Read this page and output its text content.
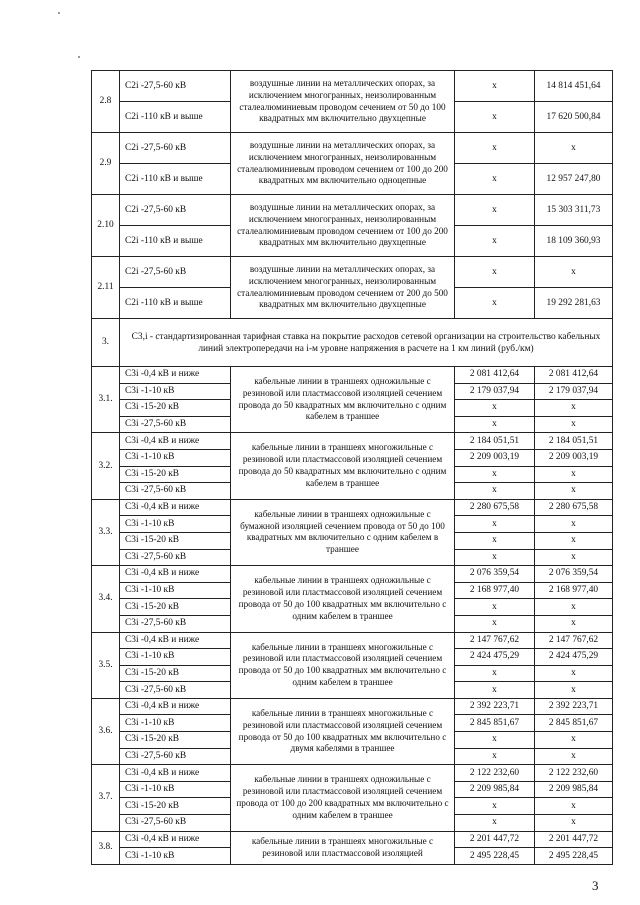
2.8	C2i -27,5-60 кВ	воздушные линии на металлических опорах, за исключением многогранных, неизолированным сталеалюминиевым проводом сечением от 50 до 100 квадратных мм включительно двухцепные	x	14 814 451,64
	C2i -110 кВ и выше		x	17 620 500,84
2.9	C2i -27,5-60 кВ	воздушные линии на металлических опорах, за исключением многогранных, неизолированным сталеалюминиевым проводом сечением от 100 до 200 квадратных мм включительно одноцепные	x	x
	C2i -110 кВ и выше		x	12 957 247,80
2.10	C2i -27,5-60 кВ	воздушные линии на металлических опорах, за исключением многогранных, неизолированным сталеалюминиевым проводом сечением от 100 до 200 квадратных мм включительно двухцепные	x	15 303 311,73
	C2i -110 кВ и выше		x	18 109 360,93
2.11	C2i -27,5-60 кВ	воздушные линии на металлических опорах, за исключением многогранных, неизолированным сталеалюминиевым проводом сечением от 200 до 500 квадратных мм включительно двухцепные	x	x
	C2i -110 кВ и выше		x	19 292 281,63
3.	C3,i - стандартизированная тарифная ставка на покрытие расходов сетевой организации на строительство кабельных линий электропередачи на i-м уровне напряжения в расчете на 1 км линий (руб./км)			
3.1.	C3i -0,4 кВ и ниже	кабельные линии в траншеях одножильные с резиновой или пластмассовой изоляцией сечением провода до 50 квадратных мм включительно с одним кабелем в траншее	2 081 412,64	2 081 412,64
	C3i -1-10 кВ		2 179 037,94	2 179 037,94
	C3i -15-20 кВ		x	x
	C3i -27,5-60 кВ		x	x
3.2.	C3i -0,4 кВ и ниже	кабельные линии в траншеях многожильные с резиновой или пластмассовой изоляцией сечением провода до 50 квадратных мм включительно с одним кабелем в траншее	2 184 051,51	2 184 051,51
	C3i -1-10 кВ		2 209 003,19	2 209 003,19
	C3i -15-20 кВ		x	x
	C3i -27,5-60 кВ		x	x
3.3.	C3i -0,4 кВ и ниже	кабельные линии в траншеях одножильные с бумажной изоляцией сечением провода от 50 до 100 квадратных мм включительно с одним кабелем в траншее	2 280 675,58	2 280 675,58
	C3i -1-10 кВ		x	x
	C3i -15-20 кВ		x	x
	C3i -27,5-60 кВ		x	x
3.4.	C3i -0,4 кВ и ниже	кабельные линии в траншеях одножильные с резиновой или пластмассовой изоляцией сечением провода от 50 до 100 квадратных мм включительно с одним кабелем в траншее	2 076 359,54	2 076 359,54
	C3i -1-10 кВ		2 168 977,40	2 168 977,40
	C3i -15-20 кВ		x	x
	C3i -27,5-60 кВ		x	x
3.5.	C3i -0,4 кВ и ниже	кабельные линии в траншеях многожильные с резиновой или пластмассовой изоляцией сечением провода от 50 до 100 квадратных мм включительно с одним кабелем в траншее	2 147 767,62	2 147 767,62
	C3i -1-10 кВ		2 424 475,29	2 424 475,29
	C3i -15-20 кВ		x	x
	C3i -27,5-60 кВ		x	x
3.6.	C3i -0,4 кВ и ниже	кабельные линии в траншеях многожильные с резиновой или пластмассовой изоляцией сечением провода от 50 до 100 квадратных мм включительно с двумя кабелями в траншее	2 392 223,71	2 392 223,71
	C3i -1-10 кВ		2 845 851,67	2 845 851,67
	C3i -15-20 кВ		x	x
	C3i -27,5-60 кВ		x	x
3.7.	C3i -0,4 кВ и ниже	кабельные линии в траншеях одножильные с резиновой или пластмассовой изоляцией сечением провода от 100 до 200 квадратных мм включительно с одним кабелем в траншее	2 122 232,60	2 122 232,60
	C3i -1-10 кВ		2 209 985,84	2 209 985,84
	C3i -15-20 кВ		x	x
	C3i -27,5-60 кВ		x	x
3.8.	C3i -0,4 кВ и ниже	кабельные линии в траншеях многожильные с резиновой или пластмассовой изоляцией	2 201 447,72	2 201 447,72
	C3i -1-10 кВ		2 495 228,45	2 495 228,45
3
